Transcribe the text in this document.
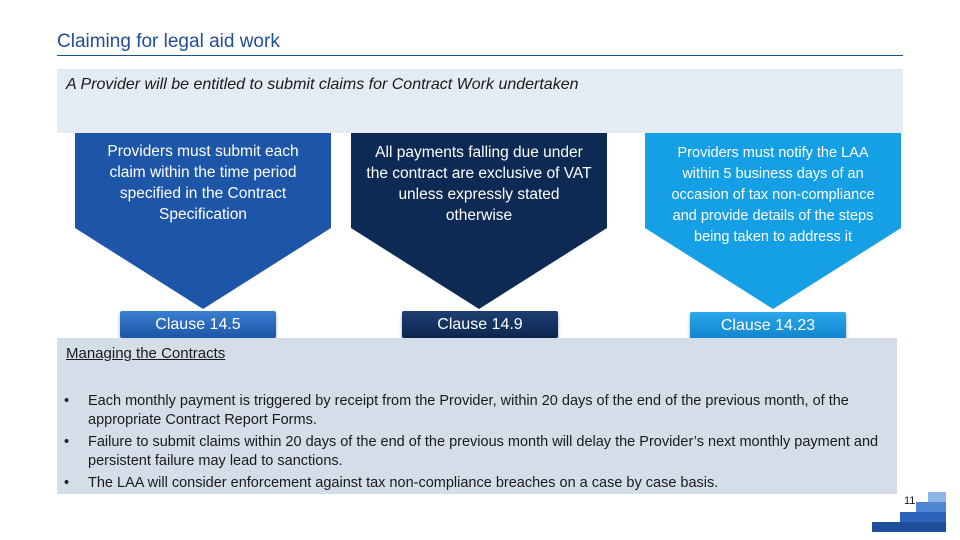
Claiming for legal aid work
A Provider will be entitled to submit claims for Contract Work undertaken
Providers must submit each claim within the time period specified in the Contract Specification
Clause 14.5
All payments falling due under the contract are exclusive of VAT unless expressly stated otherwise
Clause 14.9
Providers must notify the LAA within 5 business days of an occasion of tax non-compliance and provide details of the steps being taken to address it
Clause 14.23
Managing the Contracts
• Each monthly payment is triggered by receipt from the Provider, within 20 days of the end of the previous month, of the appropriate Contract Report Forms.
• Failure to submit claims within 20 days of the end of the previous month will delay the Provider’s next monthly payment and persistent failure may lead to sanctions.
• The LAA will consider enforcement against tax non-compliance breaches on a case by case basis.
11
